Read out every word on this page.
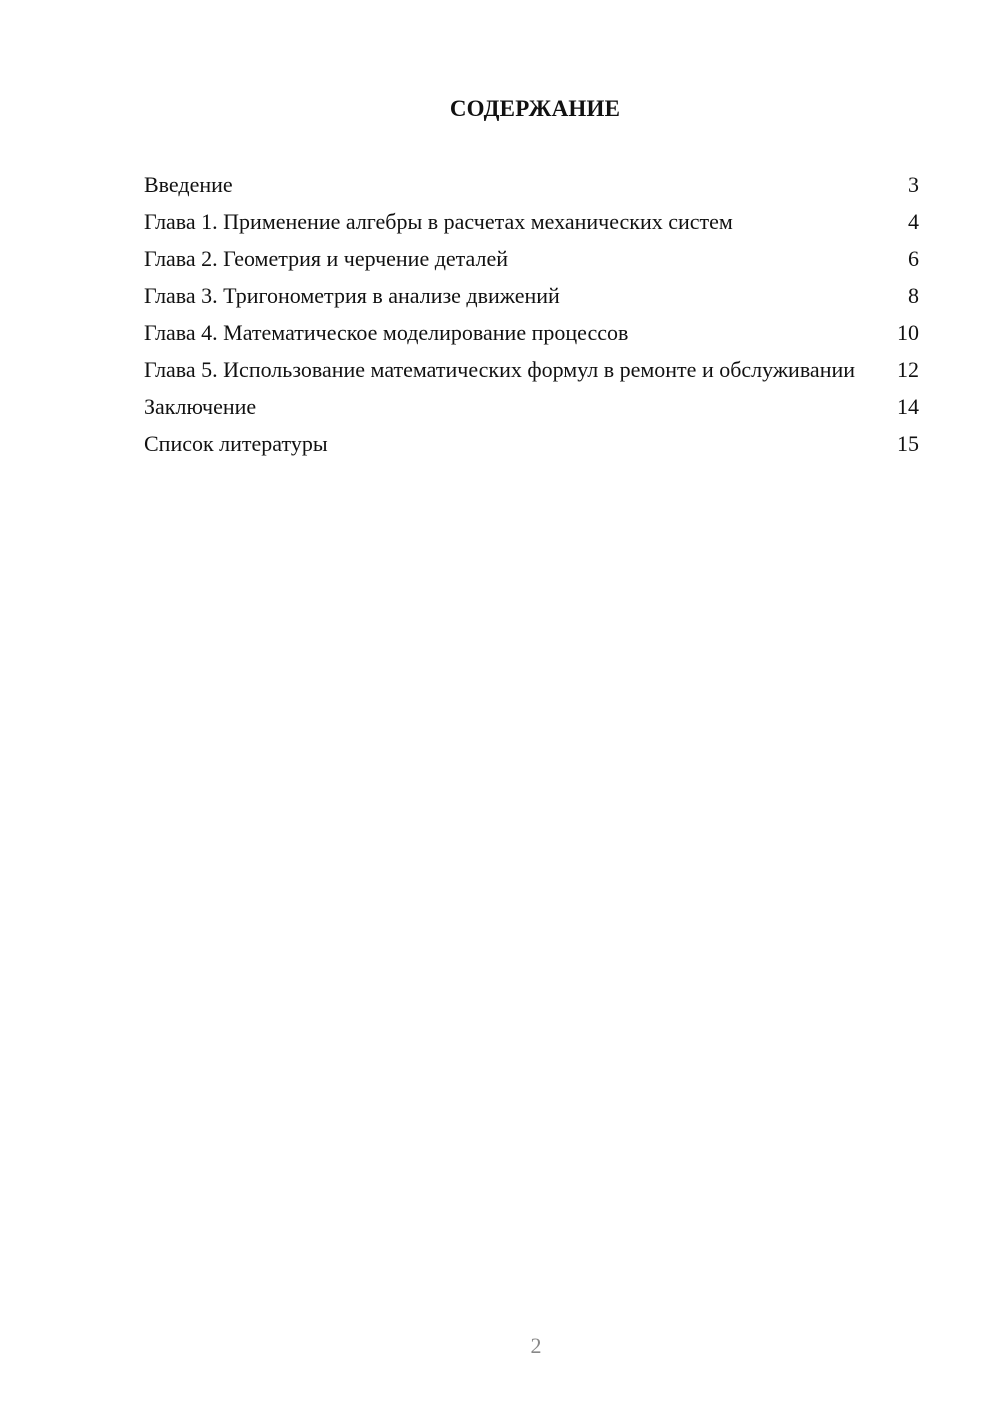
СОДЕРЖАНИЕ
Введение	3
Глава 1. Применение алгебры в расчетах механических систем	4
Глава 2. Геометрия и черчение деталей	6
Глава 3. Тригонометрия в анализе движений	8
Глава 4. Математическое моделирование процессов	10
Глава 5. Использование математических формул в ремонте и обслуживании	12
Заключение	14
Список литературы	15
2
